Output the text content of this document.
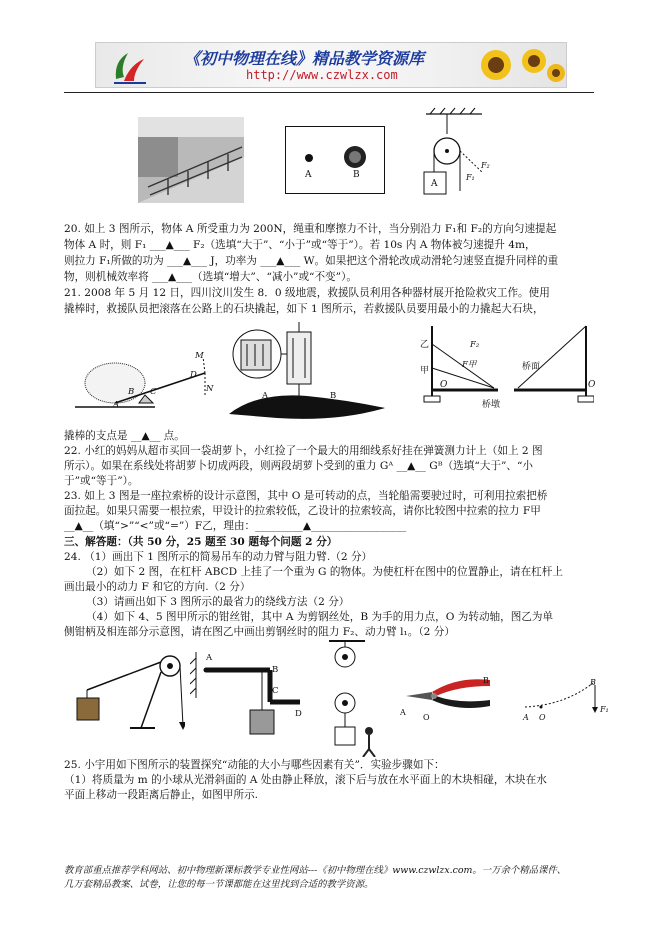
《初中物理在线》精品教学资源库
http://www.czwlzx.com
A	B
A
F₁
F₂
20. 如上 3 图所示，物体 A 所受重力为 200N，绳重和摩擦力不计，当分别沿力 F₁和 F₂的方向匀速提起
物体 A 时，则 F₁ ___▲___ F₂（选填“大于”、“小于”或“等于”）。若 10s 内 A 物体被匀速提升 4m，
则拉力 F₁所做的功为 ___▲___ J，功率为 ___▲___ W。如果把这个滑轮改成动滑轮匀速竖直提升同样的重
物，则机械效率将 ___▲___（选填“增大”、“减小”或“不变”）。
21. 2008 年 5 月 12 日，四川汶川发生 8．0 级地震，救援队员利用各种器材展开抢险救灾工作。使用
撬棒时，救援队员把滚落在公路上的石块撬起，如下 1 图所示，若救援队员要用最小的力撬起大石块，
M
N
D
A
B C	A	B
乙
甲
F₂
F甲	桥面
桥墩
O	O
撬棒的支点是 __▲__ 点。
22. 小红的妈妈从超市买回一袋胡萝卜，小红捡了一个最大的用细线系好挂在弹簧测力计上（如上 2 图
所示）。如果在系线处将胡萝卜切成两段，则两段胡萝卜受到的重力 Gᴬ __▲__ Gᴮ（选填“大于”、“小
于”或“等于”）。
23. 如上 3 图是一座拉索桥的设计示意图，其中 O 是可转动的点，当轮船需要驶过时，可利用拉索把桥
面拉起。如果只需要一根拉索，甲设计的拉索较低，乙设计的拉索较高，请你比较图中拉索的拉力 F甲
__▲__（填“>”“<”或“=”）F乙，理由：_________▲__________________
三、解答题：（共 50 分，25 题至 30 题每个问题 2 分）
24. （1）画出下 1 图所示的简易吊车的动力臂与阻力臂.（2 分）
（2）如下 2 图，在杠杆 ABCD 上挂了一个重为 G 的物体。为使杠杆在图中的位置静止，请在杠杆上
画出最小的动力 F 和它的方向.（2 分）
（3）请画出如下 3 图所示的最省力的绕线方法（2 分）
（4）如下 4、5 图甲所示的钳丝钳，其中 A 为剪钢丝处，B 为手的用力点，O 为转动轴，图乙为单
侧钳柄及相连部分示意图，请在图乙中画出剪钢丝时的阻力 F₂、动力臂 l₁。（2 分）
A
B
C
D	A
O
B
A O
B
F₁
25. 小宇用如下图所示的装置探究“动能的大小与哪些因素有关”．实验步骤如下：
（1）将质量为 m 的小球从光滑斜面的 A 处由静止释放，滚下后与放在水平面上的木块相碰，木块在水
平面上移动一段距离后静止，如图甲所示.
教育部重点推荐学科网站、初中物理新课标教学专业性网站---《初中物理在线》www.czwlzx.com。一万余个精品课件、
几万套精品教案、试卷，让您的每一节课都能在这里找到合适的教学资源。
